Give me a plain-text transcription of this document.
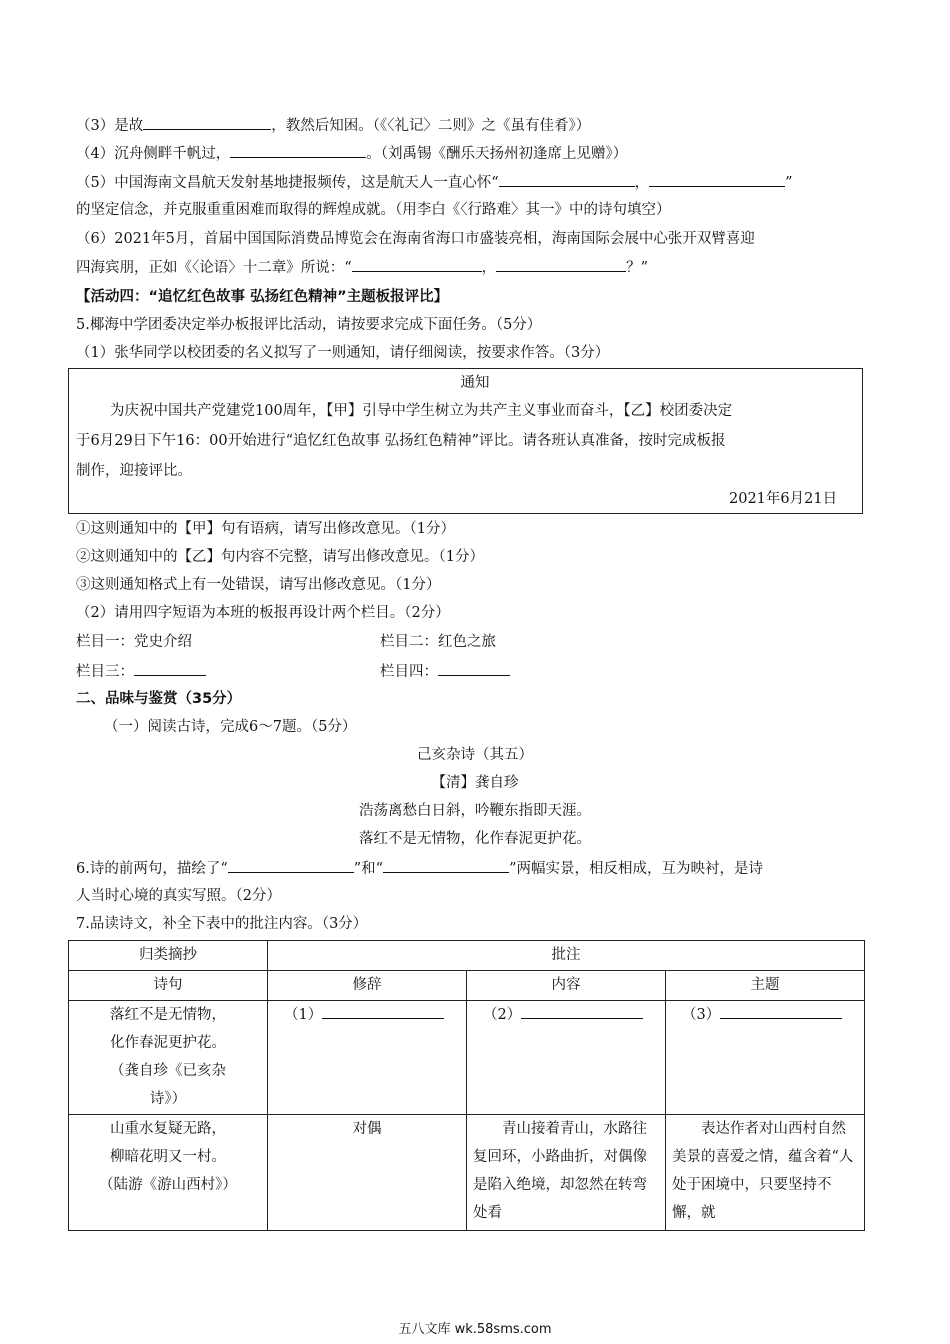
（3）是故	，教然后知困。（《〈礼记〉二则》之《虽有佳肴》）
（4）沉舟侧畔千帆过，	。（刘禹锡《酬乐天扬州初逢席上见赠》）
（5）中国海南文昌航天发射基地捷报频传，这是航天人一直心怀“	，	”
的坚定信念，并克服重重困难而取得的辉煌成就。（用李白《〈行路难〉其一》中的诗句填空）
（6）2021年5月，首届中国国际消费品博览会在海南省海口市盛装亮相，海南国际会展中心张开双臂喜迎
四海宾朋，正如《〈论语〉十二章》所说：“	，	？”
【活动四：“追忆红色故事 弘扬红色精神”主题板报评比】
5.椰海中学团委决定举办板报评比活动，请按要求完成下面任务。（5分）
（1）张华同学以校团委的名义拟写了一则通知，请仔细阅读，按要求作答。（3分）
通知
为庆祝中国共产党建党100周年，【甲】引导中学生树立为共产主义事业而奋斗，【乙】校团委决定
于6月29日下午16：00开始进行“追忆红色故事 弘扬红色精神”评比。请各班认真准备，按时完成板报
制作，迎接评比。
2021年6月21日
①这则通知中的【甲】句有语病，请写出修改意见。（1分）
②这则通知中的【乙】句内容不完整，请写出修改意见。（1分）
③这则通知格式上有一处错误，请写出修改意见。（1分）
（2）请用四字短语为本班的板报再设计两个栏目。（2分）
栏目一：党史介绍	栏目二：红色之旅
栏目三：	栏目四：
二、品味与鉴赏（35分）
（一）阅读古诗，完成6～7题。（5分）
己亥杂诗（其五）
【清】龚自珍
浩荡离愁白日斜，吟鞭东指即天涯。
落红不是无情物，化作春泥更护花。
6.诗的前两句，描绘了“	”和“	”两幅实景，相反相成，互为映衬，是诗
人当时心境的真实写照。（2分）
7.品读诗文，补全下表中的批注内容。（3分）
归类摘抄	批注		
诗句	修辞	内容	主题

落红不是无情物，
化作春泥更护花。
（龚自珍《已亥杂
诗》）	（1）	（2）	（3）

山重水复疑无路，
柳暗花明又一村。
（陆游《游山西村》）	对偶	青山接着青山，水路往复回环，小路曲折，对偶像是陷入绝境，却忽然在转弯处看	表达作者对山西村自然美景的喜爱之情，蕴含着“人处于困境中，只要坚持不懈，就
五八文库 wk.58sms.com
